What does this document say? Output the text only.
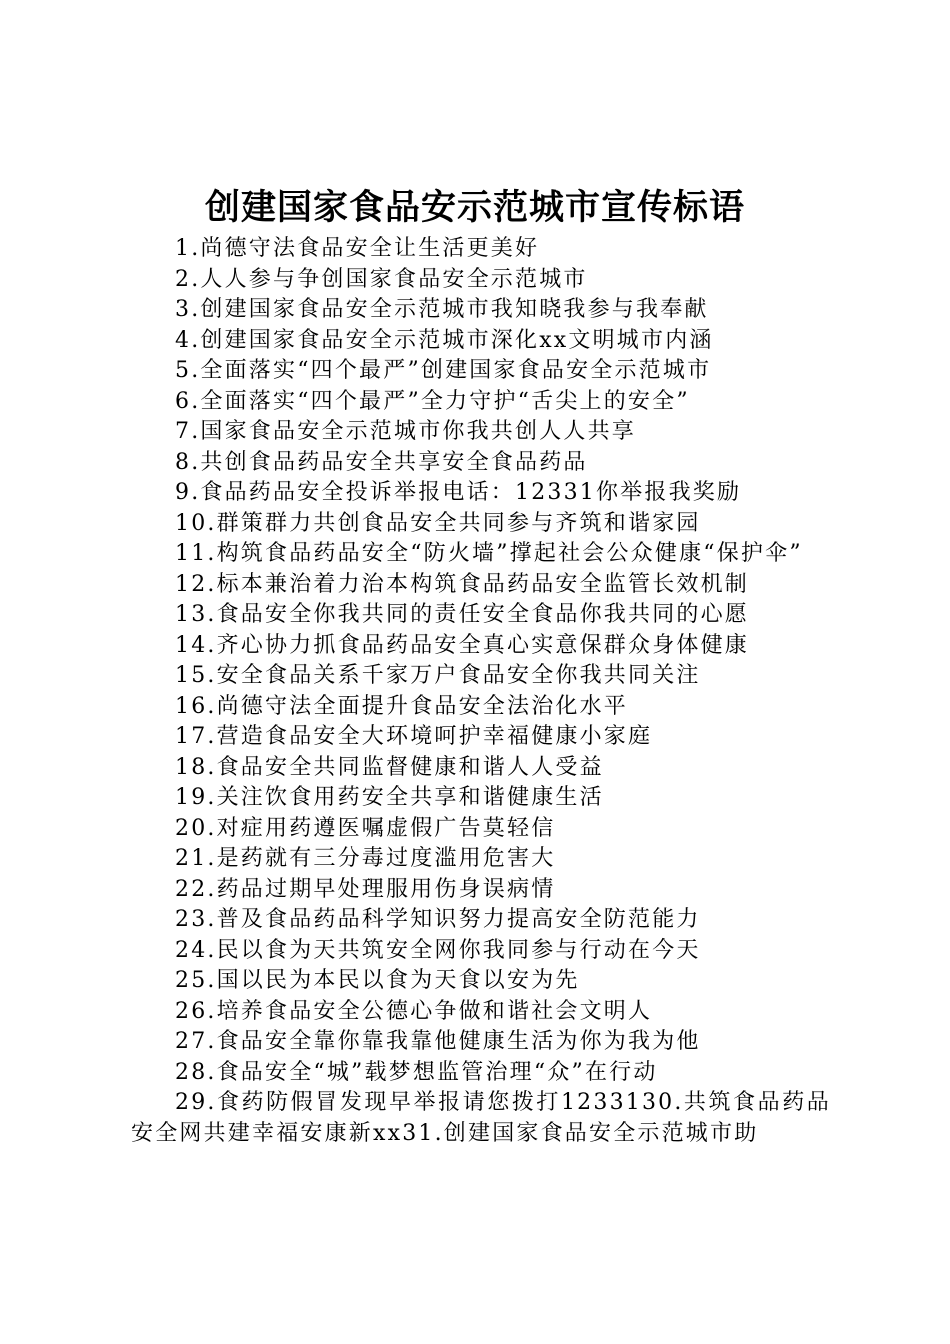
创建国家食品安示范城市宣传标语

1.尚德守法食品安全让生活更美好

2.人人参与争创国家食品安全示范城市

3.创建国家食品安全示范城市我知晓我参与我奉献

4.创建国家食品安全示范城市深化xx文明城市内涵

5.全面落实“四个最严”创建国家食品安全示范城市

6.全面落实“四个最严”全力守护“舌尖上的安全”

7.国家食品安全示范城市你我共创人人共享

8.共创食品药品安全共享安全食品药品

9.食品药品安全投诉举报电话：12331你举报我奖励

10.群策群力共创食品安全共同参与齐筑和谐家园

11.构筑食品药品安全“防火墙”撑起社会公众健康“保护伞”

12.标本兼治着力治本构筑食品药品安全监管长效机制

13.食品安全你我共同的责任安全食品你我共同的心愿

14.齐心协力抓食品药品安全真心实意保群众身体健康

15.安全食品关系千家万户食品安全你我共同关注

16.尚德守法全面提升食品安全法治化水平

17.营造食品安全大环境呵护幸福健康小家庭

18.食品安全共同监督健康和谐人人受益

19.关注饮食用药安全共享和谐健康生活

20.对症用药遵医嘱虚假广告莫轻信

21.是药就有三分毒过度滥用危害大

22.药品过期早处理服用伤身误病情

23.普及食品药品科学知识努力提高安全防范能力

24.民以食为天共筑安全网你我同参与行动在今天

25.国以民为本民以食为天食以安为先

26.培养食品安全公德心争做和谐社会文明人

27.食品安全靠你靠我靠他健康生活为你为我为他

28.食品安全“城”载梦想监管治理“众”在行动

29.食药防假冒发现早举报请您拨打1233130.共筑食品药品安全网共建幸福安康新xx31.创建国家食品安全示范城市助
